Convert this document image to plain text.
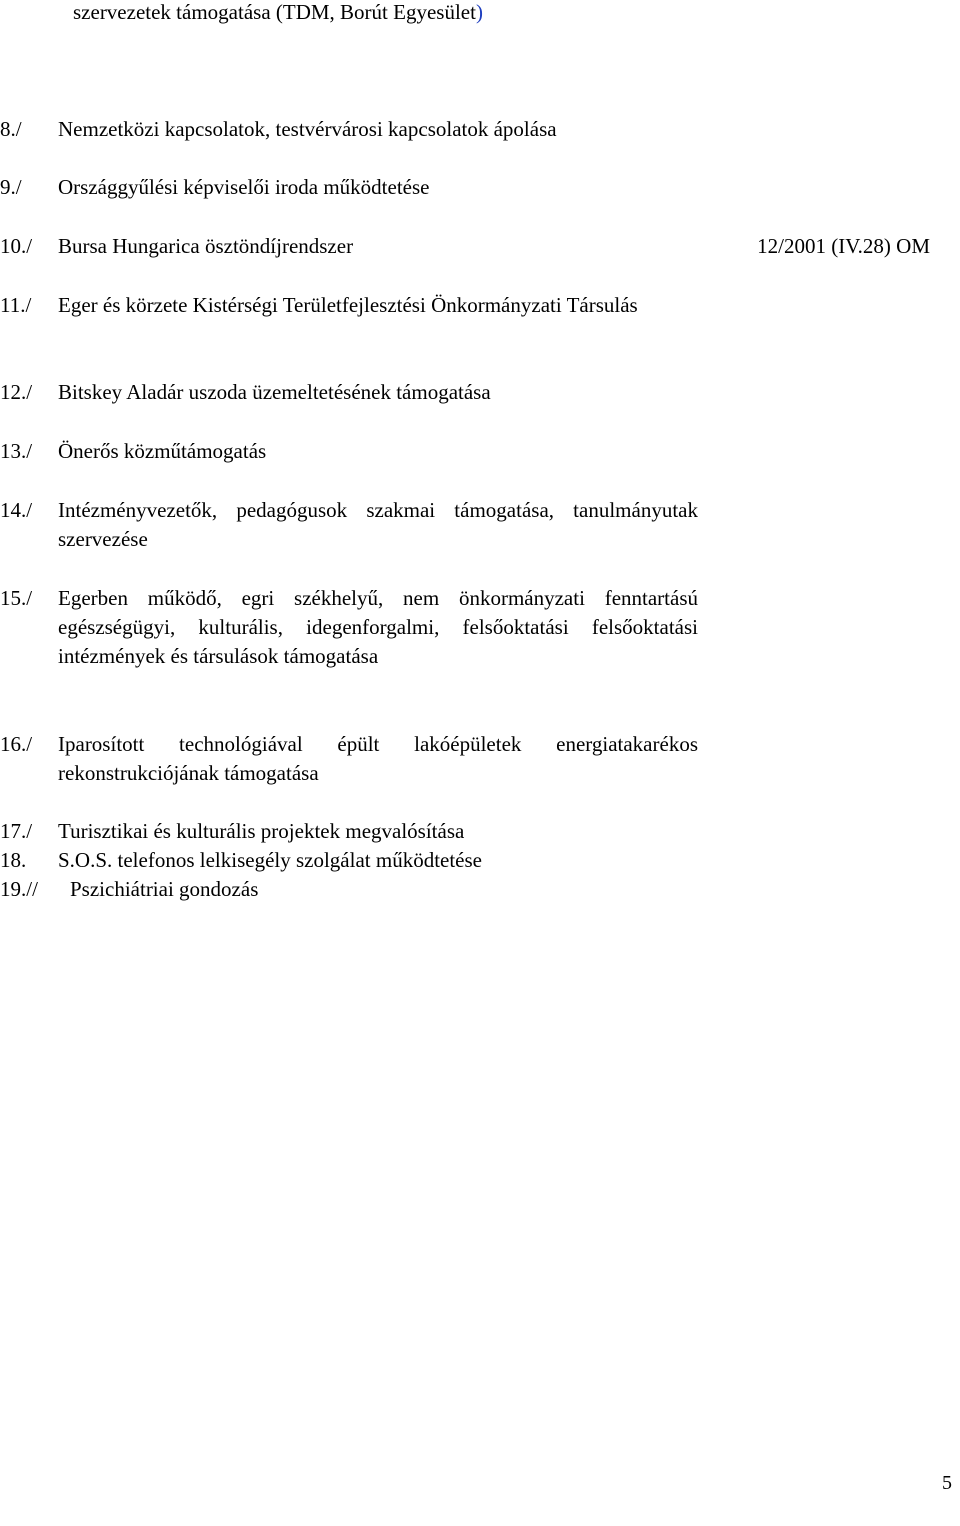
szervezetek támogatása (TDM, Borút Egyesület)
8./ Nemzetközi kapcsolatok, testvérvárosi kapcsolatok ápolása
9./ Országgyűlési képviselői iroda működtetése
10./ Bursa Hungarica ösztöndíjrendszer	12/2001 (IV.28) OM
11./ Eger és körzete Kistérségi Területfejlesztési Önkormányzati Társulás
12./ Bitskey Aladár uszoda üzemeltetésének támogatása
13./ Önerős közműtámogatás
14./ Intézményvezetők, pedagógusok szakmai támogatása, tanulmányutak szervezése
15./ Egerben működő, egri székhelyű, nem önkormányzati fenntartású egészségügyi, kulturális, idegenforgalmi, felsőoktatási felsőoktatási intézmények és társulások támogatása
16./ Iparosított technológiával épült lakóépületek energiatakarékos rekonstrukciójának támogatása
17./ Turisztikai és kulturális projektek megvalósítása
18. S.O.S. telefonos lelkisegély szolgálat működtetése
19.// Pszichiátriai gondozás
5
